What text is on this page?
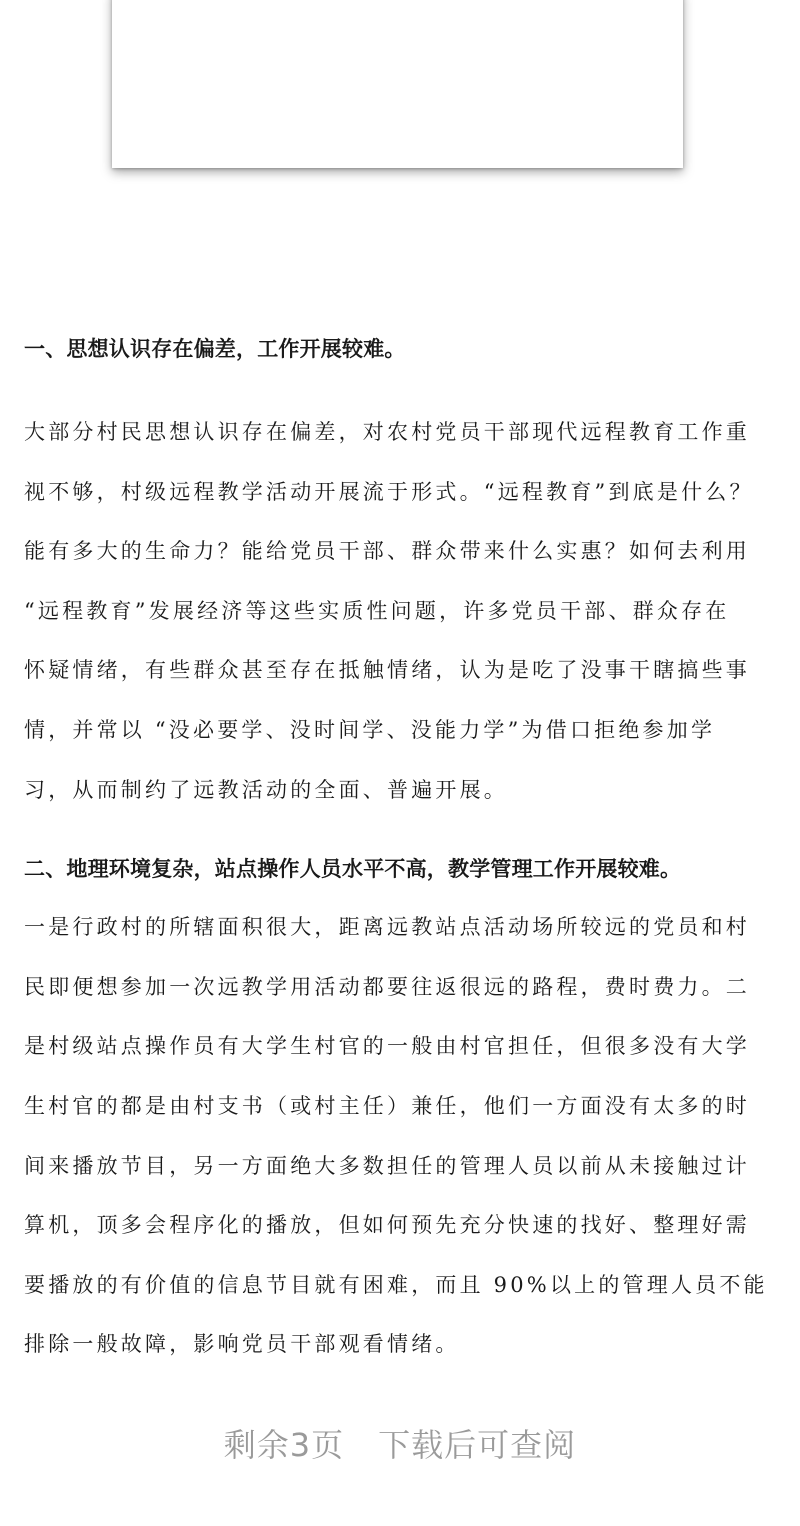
一、思想认识存在偏差，工作开展较难。

大部分村民思想认识存在偏差，对农村党员干部现代远程教育工作重
视不够，村级远程教学活动开展流于形式。“远程教育”到底是什么？
能有多大的生命力？能给党员干部、群众带来什么实惠？如何去利用
“远程教育”发展经济等这些实质性问题，许多党员干部、群众存在
怀疑情绪，有些群众甚至存在抵触情绪，认为是吃了没事干瞎搞些事
情，并常以 “没必要学、没时间学、没能力学”为借口拒绝参加学
习，从而制约了远教活动的全面、普遍开展。

二、地理环境复杂，站点操作人员水平不高，教学管理工作开展较难。

一是行政村的所辖面积很大，距离远教站点活动场所较远的党员和村
民即便想参加一次远教学用活动都要往返很远的路程，费时费力。二
是村级站点操作员有大学生村官的一般由村官担任，但很多没有大学
生村官的都是由村支书（或村主任）兼任，他们一方面没有太多的时
间来播放节目，另一方面绝大多数担任的管理人员以前从未接触过计
算机，顶多会程序化的播放，但如何预先充分快速的找好、整理好需
要播放的有价值的信息节目就有困难，而且 90%以上的管理人员不能
排除一般故障，影响党员干部观看情绪。

剩余3页 下载后可查阅
